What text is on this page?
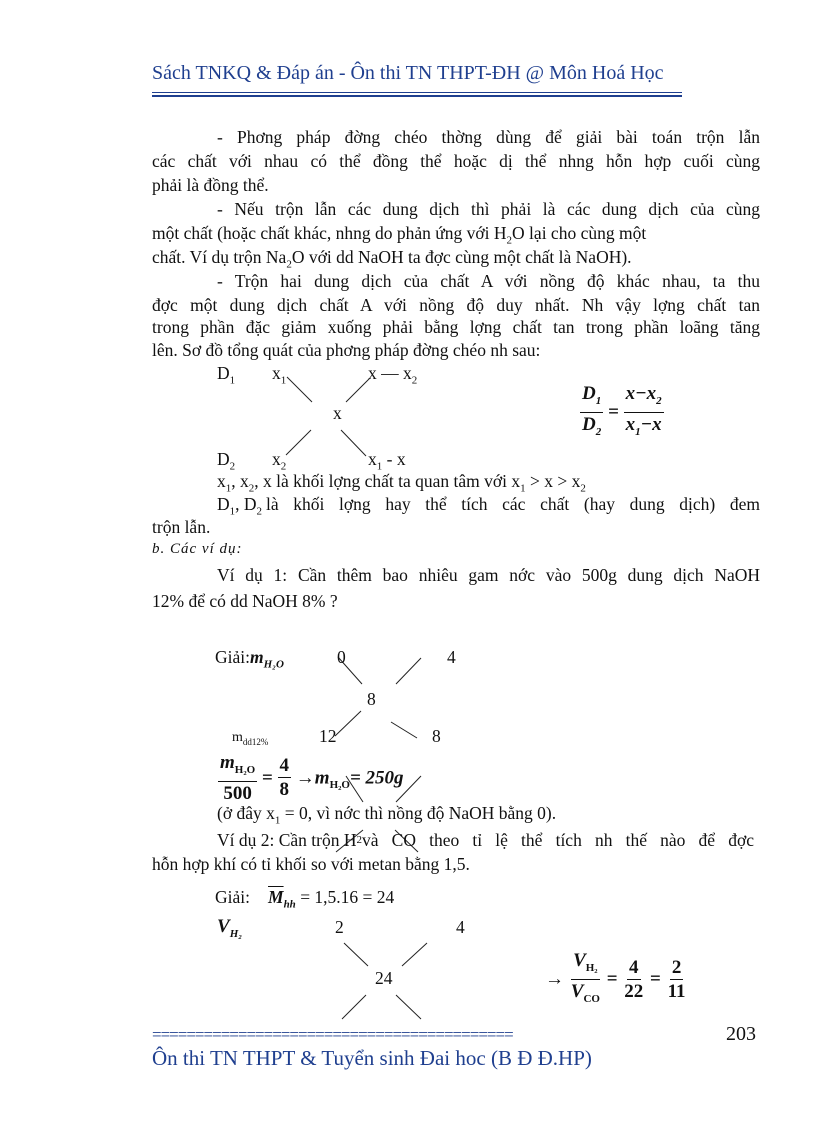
Sách TNKQ & Đáp án - Ôn thi TN THPT-ĐH @ Môn Hoá Học
- Phơng pháp đờng chéo thờng dùng để giải bài toán trộn lẫn
các chất với nhau có thể đồng thể hoặc dị thể nhng hỗn hợp cuối cùng
phải là đồng thể.
- Nếu trộn lẫn các dung dịch thì phải là các dung dịch của cùng
một chất (hoặc chất khác, nhng do phản ứng với $H_2O$ lại cho cùng một
chất. Ví dụ trộn $Na_2O$ với dd NaOH ta đợc cùng một chất là NaOH).
- Trộn hai dung dịch của chất A với nồng độ khác nhau, ta thu
đợc một dung dịch chất A với nồng độ duy nhất. Nh vậy lợng chất tan
trong phần đặc giảm xuống phải bằng lợng chất tan trong phần loãng tăng
lên. Sơ đồ tổng quát của phơng pháp đờng chéo nh sau:
$D_1$ $x_1$	x — $x_2$
x
$D_2$ $x_2$	$x_1$ - x
$\frac{D_1}{D_2} = \frac{x-x_2}{x_1-x}$
$x_1$, $x_2$, x là khối lợng chất ta quan tâm với $x_1 > x > x_2$
$D_1$, $D_2$ là khối lợng hay thể tích các chất (hay dung dịch) đem
trộn lẫn.
b. Các ví dụ:
Ví dụ 1: Cần thêm bao nhiêu gam nớc vào 500g dung dịch NaOH
12% để có dd NaOH 8% ?
$Giải:m_{H_2O}$	0	4
8
$m_{dd12\%}$	12	8
$\frac{m_{H_2O}}{500} = \frac{4}{8} \to m_{H_2O}= 250g$
(ở đây $x_1 = 0$, vì nớc thì nồng độ NaOH bằng 0).
Ví dụ 2: Cần trộn H 2 và CO theo tỉ lệ thể tích nh thế nào để đợc
hỗn hợp khí có tỉ khối so với metan bằng 1,5.
Giải: $\overline{M}_{hh} = 1,5.16 = 24$
$V_{H_2}$	2	4
24	→ $\frac{V_{H_2}}{V_{CO}} = \frac{4}{22} = \frac{2}{11}$
==========================================	203
Ôn thi TN THPT & Tuyển sinh Đai hoc (B Đ Đ.HP)
